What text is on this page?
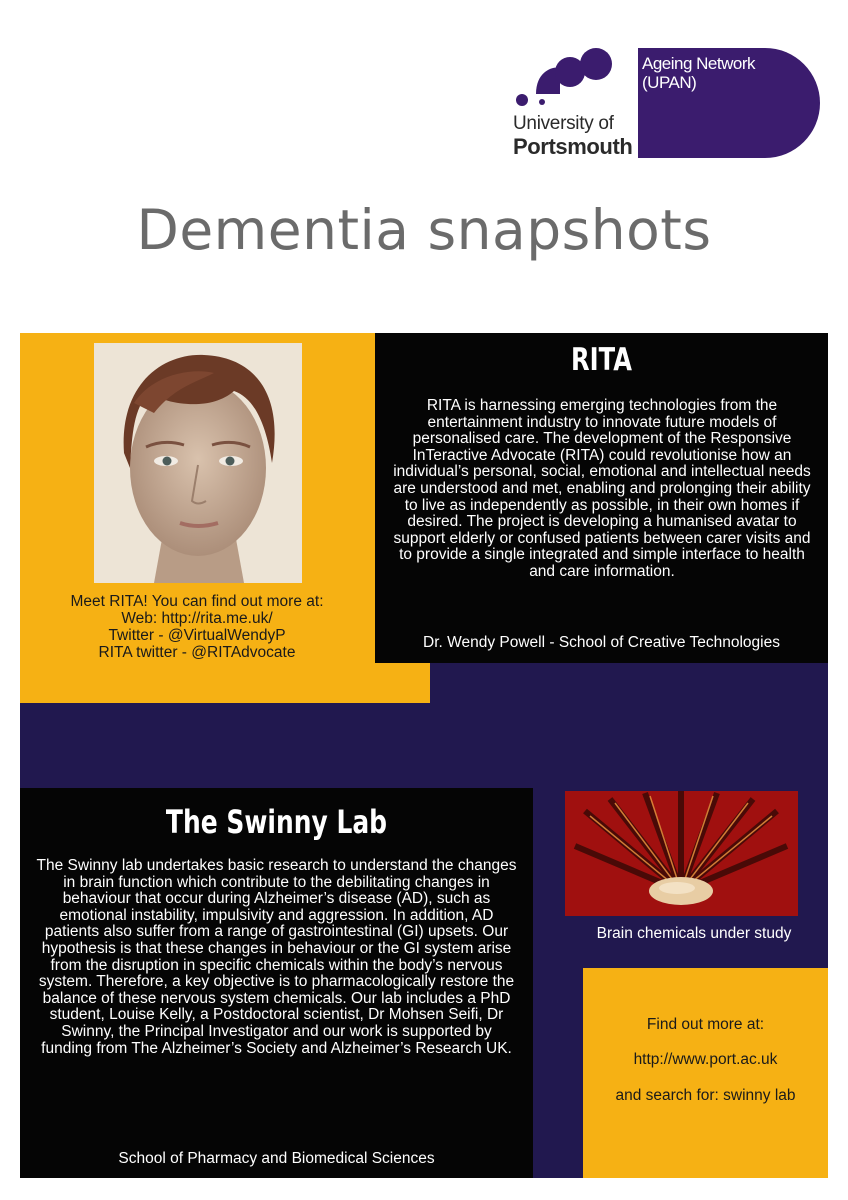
University of
Portsmouth
Ageing Network (UPAN)
Dementia snapshots
Meet RITA! You can find out more at:
Web: http://rita.me.uk/
Twitter - @VirtualWendyP
RITA twitter - @RITAdvocate
RITA
RITA is harnessing emerging technologies from the entertainment industry to innovate future models of personalised care. The development of the Responsive InTeractive Advocate (RITA) could revolutionise how an individual’s personal, social, emotional and intellectual needs are understood and met, enabling and prolonging their ability to live as independently as possible, in their own homes if desired. The project is developing a humanised avatar to support elderly or confused patients between carer visits and to provide a single integrated and simple interface to health and care information.
Dr. Wendy Powell - School of Creative Technologies
The Swinny Lab
The Swinny lab undertakes basic research to understand the changes in brain function which contribute to the debilitating changes in behaviour that occur during Alzheimer’s disease (AD), such as emotional instability, impulsivity and aggression. In addition, AD patients also suffer from a range of gastrointestinal (GI) upsets. Our hypothesis is that these changes in behaviour or the GI system arise from the disruption in specific chemicals within the body’s nervous system. Therefore, a key objective is to pharmacologically restore the balance of these nervous system chemicals. Our lab includes a PhD student, Louise Kelly, a Postdoctoral scientist, Dr Mohsen Seifi, Dr Swinny, the Principal Investigator and our work is supported by funding from The Alzheimer’s Society and Alzheimer’s Research UK.
School of Pharmacy and Biomedical Sciences
Brain chemicals under study
Find out more at:
http://www.port.ac.uk
and search for: swinny lab
